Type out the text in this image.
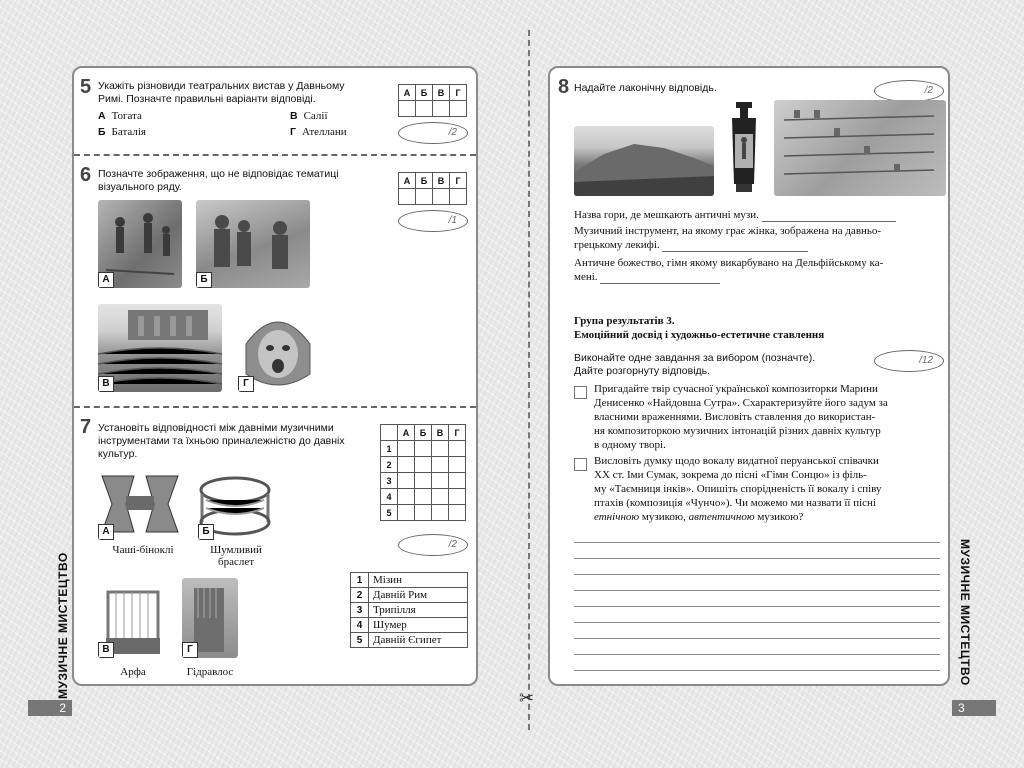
✂
МУЗИЧНЕ МИСТЕЦТВО
2
5 Укажіть різновиди театральних вистав у Давньому Римі. Позначте правильні варіанти відповіді.
А Тогата	В Салії
Б Баталія	Г Ателлани
А	Б	В	Г

/2
6 Позначте зображення, що не відповідає тематиці візуального ряду.
А	Б	В	Г

/1
А	Б
В	Г
7 Установіть відповідності між давніми музичними інструментами та їхньою приналежністю до давніх культур.
	А	Б	В	Г
1				
2				
3				
4				
5				
/2
А
Чаші-біноклі
Б
Шумливий браслет
В
Арфа
Г
Гідравлос
1	Мізин
2	Давній Рим
3	Трипілля
4	Шумер
5	Давній Єгипет	МУЗИЧНЕ МИСТЕЦТВО
3
8 Надайте лаконічну відповідь.	/2
Назва гори, де мешкають античні музи.
Музичний інструмент, на якому грає жінка, зображена на давньо-
грецькому лекифі.
Античне божество, гімн якому викарбувано на Дельфійському ка-
мені.
Група результатів 3.
Емоційний досвід і художньо-естетичне ставлення
Виконайте одне завдання за вибором (позначте).
Дайте розгорнуту відповідь.
/12
Пригадайте твір сучасної української композиторки Марини
Денисенко «Найдовша Сутра». Схарактеризуйте його задум за
власними враженнями. Висловіть ставлення до використан-
ня композиторкою музичних інтонацій різних давніх культур
в одному творі.
Висловіть думку щодо вокалу видатної перуанської співачки
ХХ ст. Іми Сумак, зокрема до пісні «Гімн Сонцю» із філь-
му «Таємниця інків». Опишіть спорідненість її вокалу і співу
птахів (композиція «Чунчо»). Чи можемо ми назвати її пісні
етнічною музикою, автентичною музикою?
